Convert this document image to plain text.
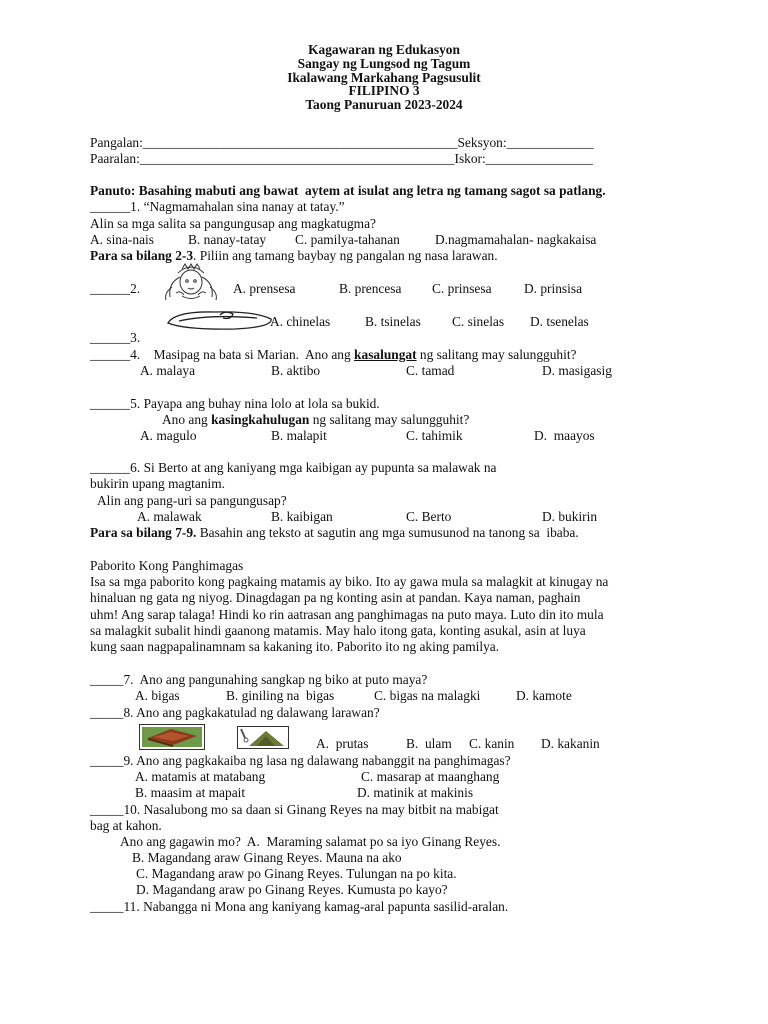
Kagawaran ng Edukasyon
Sangay ng Lungsod ng Tagum
Ikalawang Markahang Pagsusulit
FILIPINO 3
Taong Panuruan 2023-2024
Pangalan:_______________________________________________Seksyon:_____________
Paaralan:_______________________________________________Iskor:________________
Panuto: Basahing mabuti ang bawat  aytem at isulat ang letra ng tamang sagot sa patlang.
______1. “Nagmamahalan sina nanay at tatay.”
Alin sa mga salita sa pangungusap ang magkatugma?
A. sina-nais	B. nanay-tatay C. pamilya-tahanan	D.nagmamahalan- nagkakaisa
Para sa bilang 2-3. Piliin ang tamang baybay ng pangalan ng nasa larawan.
______2.	A. prensesa	B. prencesa C. prinsesa D. prinsisa
A. chinelas	B. tsinelas C. sinelas D. tsenelas
______3.
______4.    Masipag na bata si Marian.  Ano ang kasalungat ng salitang may salungguhit?
A. malaya	B. aktibo	C. tamad	D. masigasig
______5. Payapa ang buhay nina lolo at lola sa bukid.
Ano ang kasingkahulugan ng salitang may salungguhit?
A. magulo	B. malapit	C. tahimik	D.  maayos
______6. Si Berto at ang kaniyang mga kaibigan ay pupunta sa malawak na
bukirin upang magtanim.
Alin ang pang-uri sa pangungusap?
A. malawak	B. kaibigan	C. Berto	D. bukirin
Para sa bilang 7-9. Basahin ang teksto at sagutin ang mga sumusunod na tanong sa  ibaba.
Paborito Kong Panghimagas
Isa sa mga paborito kong pagkaing matamis ay biko. Ito ay gawa mula sa malagkit at kinugay na
hinaluan ng gata ng niyog. Dinagdagan pa ng konting asin at pandan. Kaya naman, paghain
uhm! Ang sarap talaga! Hindi ko rin aatrasan ang panghimagas na puto maya. Luto din ito mula
sa malagkit subalit hindi gaanong matamis. May halo itong gata, konting asukal, asin at luya
kung saan nagpapalinamnam sa kakaning ito. Paborito ito ng aking pamilya.
_____7.  Ano ang pangunahing sangkap ng biko at puto maya?
A. bigas	B. giniling na  bigas	C. bigas na malagki	D. kamote
_____8. Ano ang pagkakatulad ng dalawang larawan?
A.  prutas	B.  ulam C. kanin D. kakanin
_____9. Ano ang pagkakaiba ng lasa ng dalawang nabanggit na panghimagas?
A. matamis at matabang	C. masarap at maanghang
B. maasim at mapait	D. matinik at makinis
_____10. Nasalubong mo sa daan si Ginang Reyes na may bitbit na mabigat
bag at kahon.
Ano ang gagawin mo?  A.  Maraming salamat po sa iyo Ginang Reyes.
B. Magandang araw Ginang Reyes. Mauna na ako
C. Magandang araw po Ginang Reyes. Tulungan na po kita.
D. Magandang araw po Ginang Reyes. Kumusta po kayo?
_____11. Nabangga ni Mona ang kaniyang kamag-aral papunta sasilid-aralan.
